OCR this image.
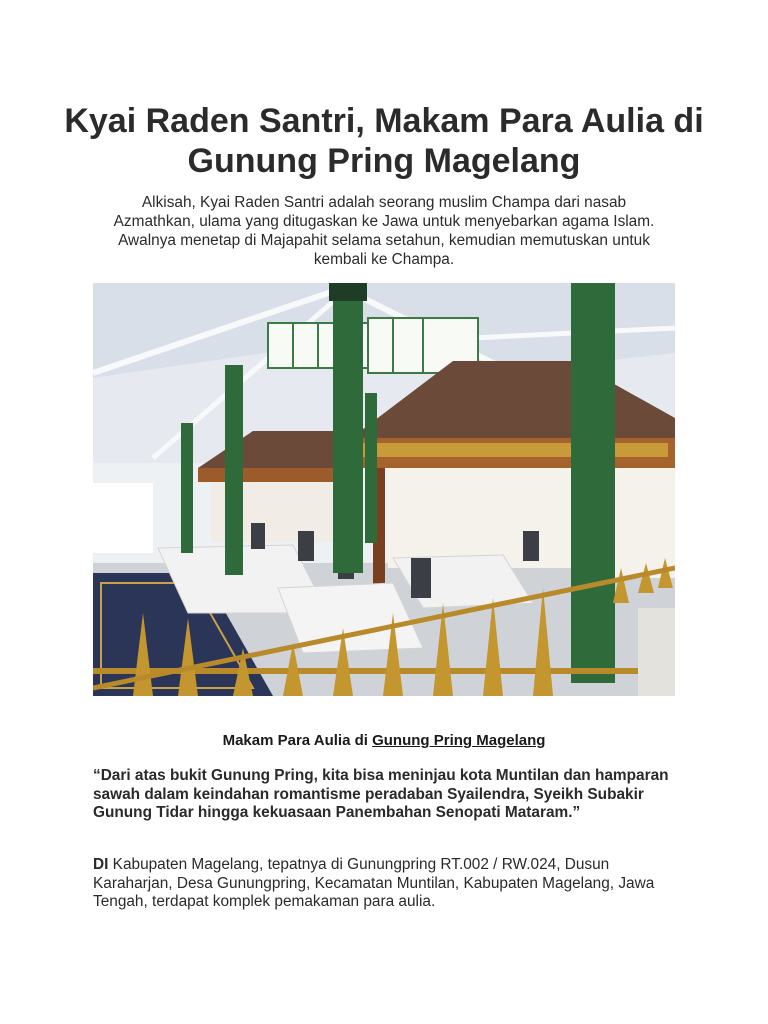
Kyai Raden Santri, Makam Para Aulia di Gunung Pring Magelang

Alkisah, Kyai Raden Santri adalah seorang muslim Champa dari nasab Azmathkan, ulama yang ditugaskan ke Jawa untuk menyebarkan agama Islam. Awalnya menetap di Majapahit selama setahun, kemudian memutuskan untuk kembali ke Champa.

Makam Para Aulia di Gunung Pring Magelang

“Dari atas bukit Gunung Pring, kita bisa meninjau kota Muntilan dan hamparan sawah dalam keindahan romantisme peradaban Syailendra, Syeikh Subakir Gunung Tidar hingga kekuasaan Panembahan Senopati Mataram.”

DI Kabupaten Magelang, tepatnya di Gunungpring RT.002 / RW.024, Dusun Karaharjan, Desa Gunungpring, Kecamatan Muntilan, Kabupaten Magelang, Jawa Tengah, terdapat komplek pemakaman para aulia.
